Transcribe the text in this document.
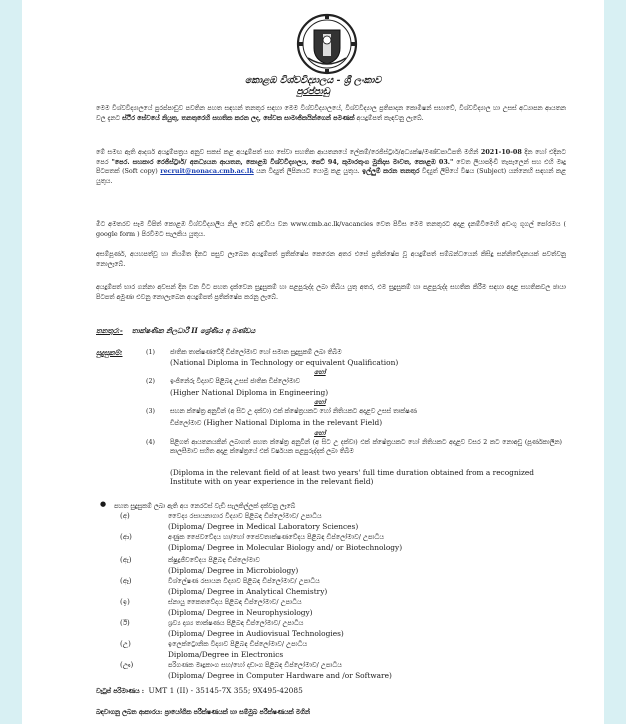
කොළඹ විශ්වවිද්‍යාලය - ශ්‍රී ලංකාව
පුරප්පාඩු
මෙම විශ්වවිද්‍යාලයේ පුරප්පාඩුව පවතින පහත සඳහන් තනතුර සඳහා මෙම විශ්වවිද්‍යාලයේ, විශ්වවිද්‍යාල ප්‍රතිපාදන කොමිෂන් සභාවේ, විශ්වවිද්‍යාල හා උසස් අධ්‍යාපන ආයතන වල දැනට ස්ථිර සේවයේ නියුතු, තනතුරෙහි සහතික කරන ලද, සේවක සාමාජිකයින්ගෙන් පමණක් අයදුම්පත් කැඳවනු ලැබේ.
මේ සමඟ ඇති ආදර්ශ අයදුම්පත්‍රය අනුව සකස් කළ අයදුම්පත් සහ සේවා සහතික ආයතනයේ ලේකම්/රෙජිස්ට්‍රාර්/අධ්‍යක්ෂ/මණ්ඩපාධිපති මගින් 2021-10-08 දින හෝ එදිනට පෙර "පෙර. සහකාර රෙජිස්ට්‍රාර්/ අනධ්‍යයන ආයතන, කොළඹ විශ්වවිද්‍යාලය, පෙට් 94, කුමාරතුංග මුනිදාස මාවත, කොළඹ 03." වෙත ලියාපදිංචි තැපැලෙන් සහ එහි මෘදු පිටපතක් (Soft copy) recruit@nonaca.cmb.ac.lk යන විද්‍යුත් ලිපිනයට යොමු කළ යුතුය. ඉල්ලුම් කරන තනතුර විද්‍යුත් ලිපියේ විෂය (Subject) යන්නෙහි සඳහන් කළ යුතුය.
මීට අමතරව සෑම විපිත් කොළඹ විශ්වවිද්‍යාලීය නිල වෙබ් අඩවිය වන www.cmb.ac.lk/vacancies වෙත පිවිස මෙම තනතුරට අදාළ දැනම්වීමෙහි අඩංගු ගූගල් පෝරමය ( google form ) පිරවීමට සැලකිය යුතුය.
අසම්පූර්ණ, අයහපත්වූ හා නියමිත දිනට පසුව ලැබෙන අයදුම්පත් ප්‍රතික්ෂේප කෙරෙන අතර එසේ ප්‍රතික්ෂේප වූ අයදුම්පත් සම්බන්ධයෙන් කිසිදු සන්නිවේදනයක් පවත්වනු නොලැබේ.
අයදුම්පත් භාර ගන්නා අවසන් දින වන විට පහත දැක්වෙන සුදුසුකම් හා පළපුරුද්ද ලබා තිබිය යුතු අතර, එම සුදුසුකම් හා පළපුරුද්ද සහතික කිරීම සඳහා අදාළ සහතිකවල ඡායා පිටපත් අමුණා එවනු නොලැබෙන අයදුම්පත් ප්‍රතික්ෂේප කරනු ලැබේ.
තනතුර:- තාක්ෂණික නිලධාරී II ශ්‍රේණිය අ බණ්ඩය
සුදුසුකම්:	(1) ජාතික තාක්ෂණවේදී ඩිප්ලෝමාව හෝ සමාන සුදුසුකම් ලබා තිබීම
(National Diploma in Technology or equivalent Qualification)
හෝ
(2) ඉංජිනේරු විද්‍යාව පිළිබඳ උසස් ජාතික ඩිප්ලෝමාව
(Higher National Diploma in Engineering)
හෝ
(3) සහන ක්ෂේත්‍ර අනුවින් (අ සිට උ දක්වා) එක් ක්ෂේත්‍රයකට හෝ නිතියකට අදාළව උසස් තාක්ෂණ
ඩිප්ලෝමාව (Higher National Diploma in the relevant Field)
හෝ
(4) පිළිගත් ආයතනයකින් ලබාගත් පහත ක්ෂේත්‍ර අනුවින් (අ සිට උ දක්වා) එක් ක්ෂේත්‍රයකට හෝ නිතියකට අදාළව වසර 2 කට නොඅඩු (පූර්ණකාලීන) කාලසීමාව සහිත අදාළ ක්ෂේත්‍රයේ එක් වර්ෂයක පළපුරුද්දක් ලබා තිබීම
(Diploma in the relevant field of at least two years' full time duration obtained from a recognized Institute with on year experience in the relevant field)
● පහත සුදුසුකම් ලබා ඇති අය නෙරටස් වැඩි සැලකිල්ලක් දක්වනු ලැබේ
(අ)	වෛද්‍ය රසායනාගාර විද්‍යාව පිළිබඳ ඩිප්ලෝමාව/ උපාධිය
(Diploma/ Degree in Medical Laboratory Sciences)
(ආ)	අණුක ජෛවවේදය හා/හෝ ජෛවතාක්ෂණවේදය පිළිබඳ ඩිප්ලෝමාව/ උපාධිය
(Diploma/ Degree in Molecular Biology and/ or Biotechnology)
(ඇ)	ක්ෂුද්‍රජීවවේදය පිළිබඳ ඩිප්ලෝමාව
(Diploma/ Degree in Microbiology)
(ඈ)	විශ්ලේෂණ රසායන විද්‍යාව පිළිබඳ ඩිප්ලෝමාව/ උපාධිය
(Diploma/ Degree in Analytical Chemistry)
(ඉ)	ස්නායු කෛතවේදය පිළිබඳ ඩිප්ලෝමාව/ උපාධිය
(Diploma/ Degree in Neurophysiology)
(ඊ)	ශ්‍රව්‍ය දෘශ්‍ය තාක්ෂණය පිළිබඳ ඩිප්ලෝමාව/ උපාධිය
(Diploma/ Degree in Audiovisual Technologies)
(උ)	ඉලෙක්ට්‍රොනික විද්‍යාව පිළිබඳ ඩිප්ලෝමාව/ උපාධිය
Diploma/Degree in Electronics
(ඌ)	පරිගණක මෘදුකාංග සහ/හෝ දෘඩාංග පිළිබඳ ඩිප්ලෝමාව/ උපාධිය
(Diploma/ Degree in Computer Hardware and /or Software)
වැටුප් පරිමාණය : UMT 1 (II) - 35145-7X 355; 9X495-42085
බඳවාගනු ලබන ආකාරය: ප්‍රායෝගික පරීක්ෂණයක් හා සම්මුඛ පරීක්ෂණයක් මගින්
